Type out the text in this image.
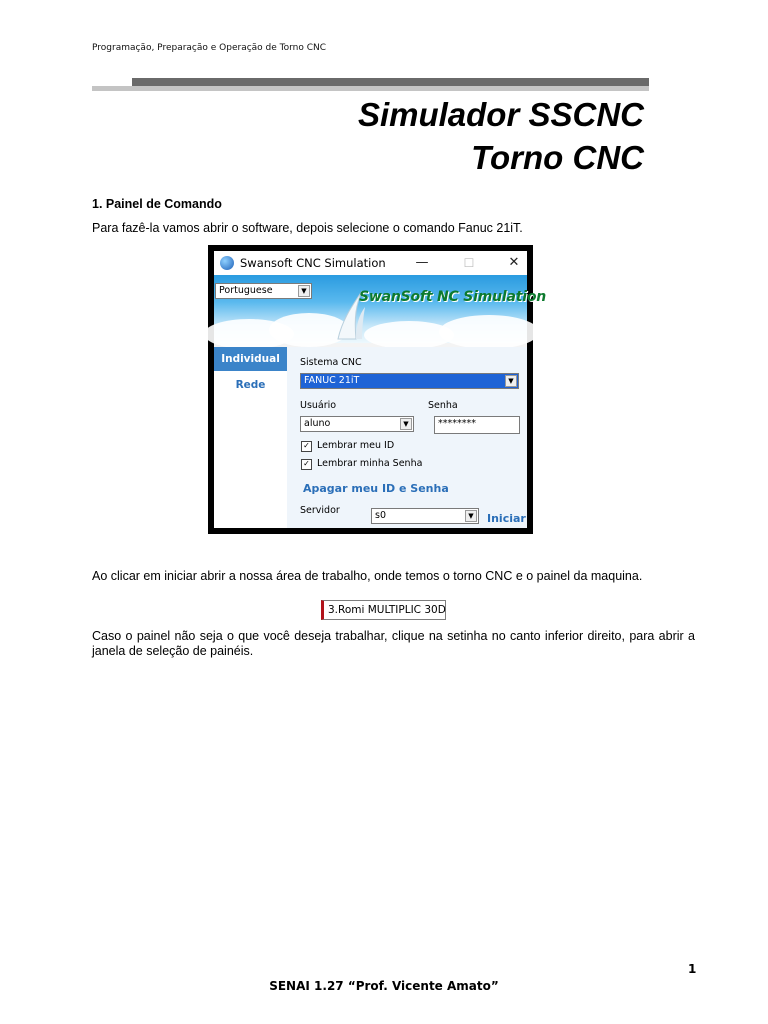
Programação, Preparação e Operação de Torno CNC
Simulador SSCNC
Torno CNC
1. Painel de Comando
Para fazê-la vamos abrir o software, depois selecione o comando Fanuc 21iT.
Swansoft CNC Simulation	—	☐	✕
SwanSoft NC Simulation
Portuguese	▼
Individual
Rede
Sistema CNC
FANUC 21iT	▼
Usuário
aluno	▼
Senha
********
✓ Lembrar meu ID
✓ Lembrar minha Senha
Apagar meu ID e Senha
Servidor	s0	▼	Iniciar
Ao clicar em iniciar abrir a nossa área de trabalho, onde temos o torno CNC e o painel da maquina.
3.Romi MULTIPLIC 30D
Caso o painel não seja o que você deseja trabalhar, clique na setinha no canto inferior direito, para abrir a janela de seleção de painéis.
1
SENAI 1.27 “Prof. Vicente Amato”
